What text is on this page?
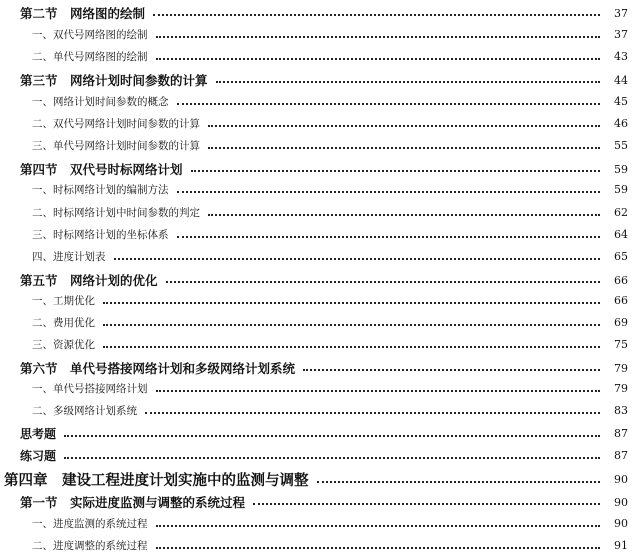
第二节　网络图的绘制	37
一、双代号网络图的绘制	37
二、单代号网络图的绘制	43
第三节　网络计划时间参数的计算	44
一、网络计划时间参数的概念	45
二、双代号网络计划时间参数的计算	46
三、单代号网络计划时间参数的计算	55
第四节　双代号时标网络计划	59
一、时标网络计划的编制方法	59
二、时标网络计划中时间参数的判定	62
三、时标网络计划的坐标体系	64
四、进度计划表	65
第五节　网络计划的优化	66
一、工期优化	66
二、费用优化	69
三、资源优化	75
第六节　单代号搭接网络计划和多级网络计划系统	79
一、单代号搭接网络计划	79
二、多级网络计划系统	83
思考题	87
练习题	87
第四章　建设工程进度计划实施中的监测与调整	90
第一节　实际进度监测与调整的系统过程	90
一、进度监测的系统过程	90
二、进度调整的系统过程	91
